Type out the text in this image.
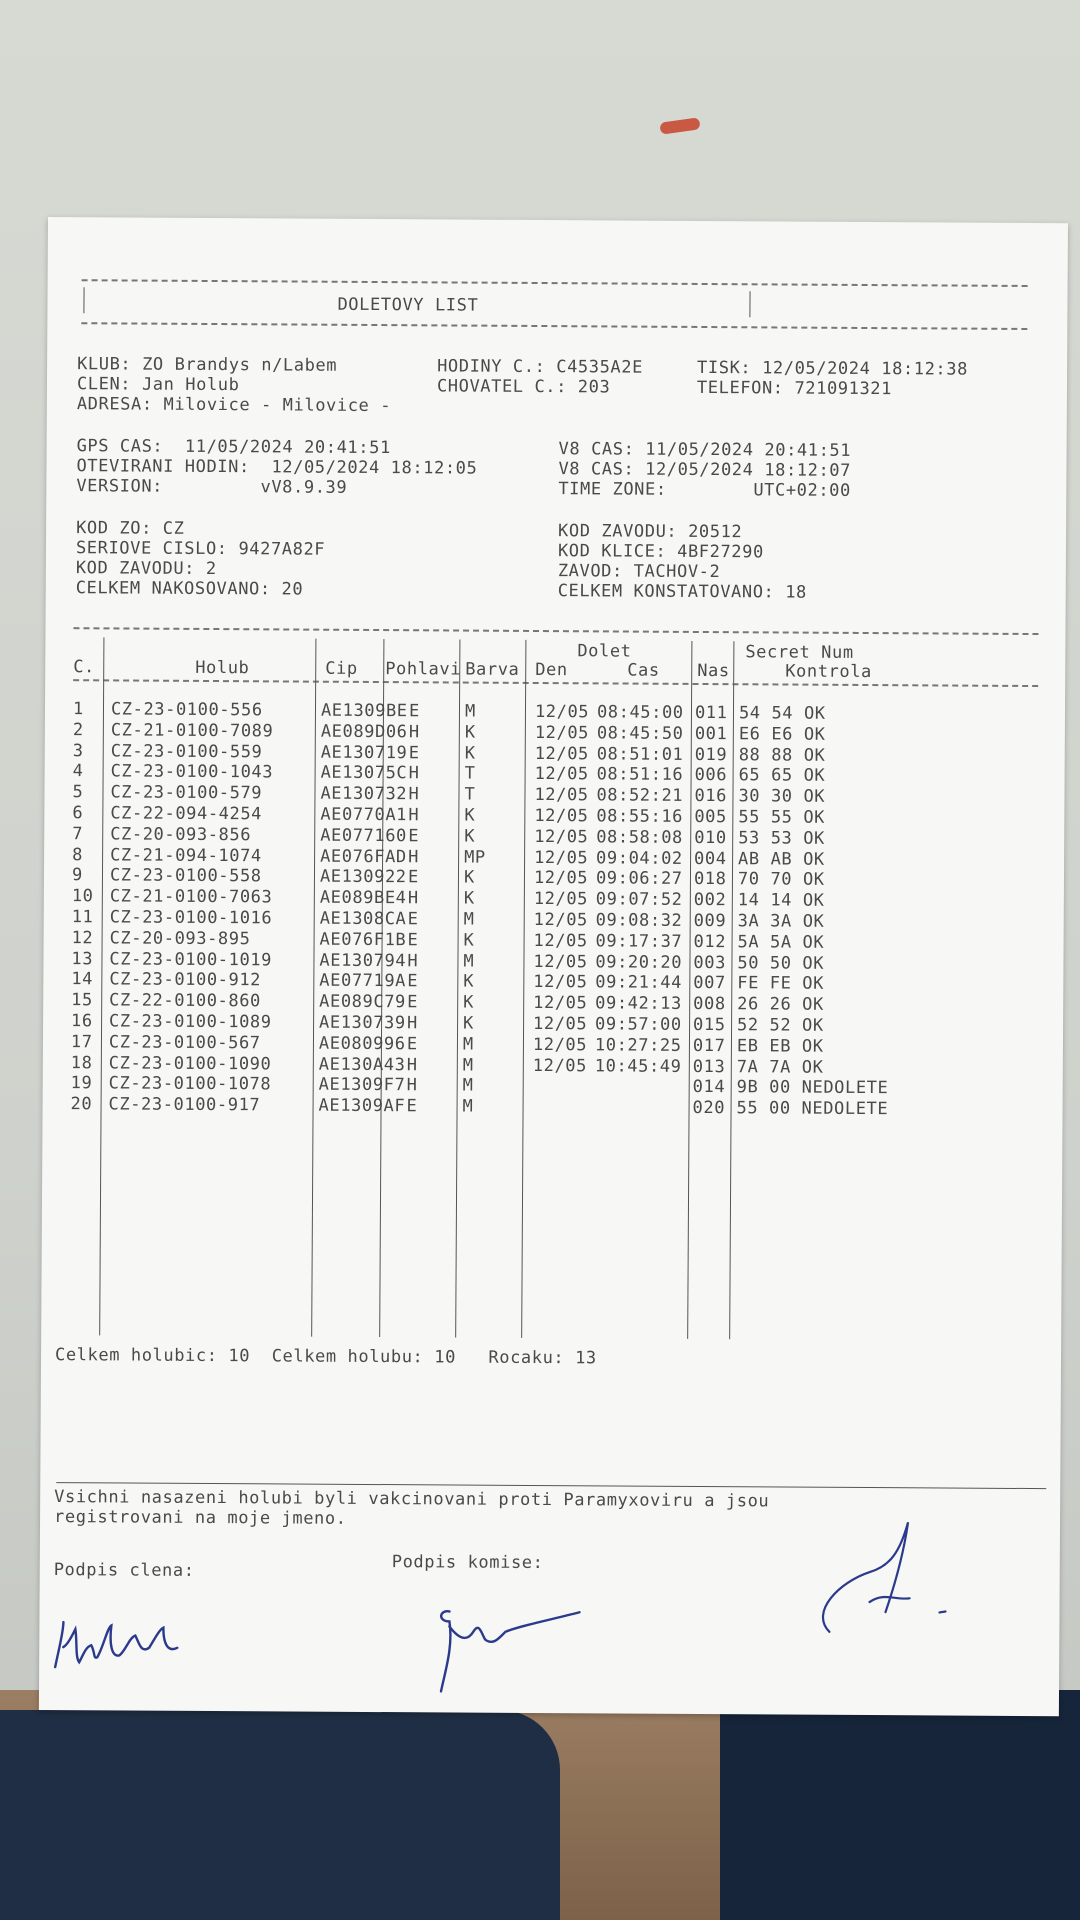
DOLETOVY LIST
KLUB: ZO Brandys n/Labem	HODINY C.: C4535A2E	TISK: 12/05/2024 18:12:38
CLEN: Jan Holub	CHOVATEL C.: 203	TELEFON: 721091321
ADRESA: Milovice - Milovice -
GPS CAS:  11/05/2024 20:41:51	V8 CAS: 11/05/2024 20:41:51
OTEVIRANI HODIN:  12/05/2024 18:12:05	V8 CAS: 12/05/2024 18:12:07
VERSION:         vV8.9.39	TIME ZONE:        UTC+02:00
KOD ZO: CZ	KOD ZAVODU: 20512
SERIOVE CISLO: 9427A82F	KOD KLICE: 4BF27290
KOD ZAVODU: 2	ZAVOD: TACHOV-2
CELKEM NAKOSOVANO: 20	CELKEM KONSTATOVANO: 18
C.	Holub	Cip Pohlavi Barva
Dolet
Den	Cas Nas
Secret Num
Kontrola
1 CZ-23-0100-556	AE1309BE E	M	12/05 08:45:00 011 54 54 OK
2 CZ-21-0100-7089	AE089D06 H	K	12/05 08:45:50 001 E6 E6 OK
3 CZ-23-0100-559	AE130719 E	K	12/05 08:51:01 019 88 88 OK
4 CZ-23-0100-1043	AE13075C H	T	12/05 08:51:16 006 65 65 OK
5 CZ-23-0100-579	AE130732 H	T	12/05 08:52:21 016 30 30 OK
6 CZ-22-094-4254	AE0770A1 H	K	12/05 08:55:16 005 55 55 OK
7 CZ-20-093-856	AE077160 E	K	12/05 08:58:08 010 53 53 OK
8 CZ-21-094-1074	AE076FAD H	MP	12/05 09:04:02 004 AB AB OK
9 CZ-23-0100-558	AE130922 E	K	12/05 09:06:27 018 70 70 OK
10 CZ-21-0100-7063	AE089BE4 H	K	12/05 09:07:52 002 14 14 OK
11 CZ-23-0100-1016	AE1308CA E	M	12/05 09:08:32 009 3A 3A OK
12 CZ-20-093-895	AE076F1B E	K	12/05 09:17:37 012 5A 5A OK
13 CZ-23-0100-1019	AE130794 H	M	12/05 09:20:20 003 50 50 OK
14 CZ-23-0100-912	AE07719A E	K	12/05 09:21:44 007 FE FE OK
15 CZ-22-0100-860	AE089C79 E	K	12/05 09:42:13 008 26 26 OK
16 CZ-23-0100-1089	AE130739 H	K	12/05 09:57:00 015 52 52 OK
17 CZ-23-0100-567	AE080996 E	M	12/05 10:27:25 017 EB EB OK
18 CZ-23-0100-1090	AE130A43 H	M	12/05 10:45:49 013 7A 7A OK
19 CZ-23-0100-1078	AE1309F7 H	M	014 9B 00 NEDOLETE
20 CZ-23-0100-917	AE1309AF E	M	020 55 00 NEDOLETE
Celkem holubic: 10  Celkem holubu: 10   Rocaku: 13
Vsichni nasazeni holubi byli vakcinovani proti Paramyxoviru a jsou
registrovani na moje jmeno.
Podpis clena:	Podpis komise:
